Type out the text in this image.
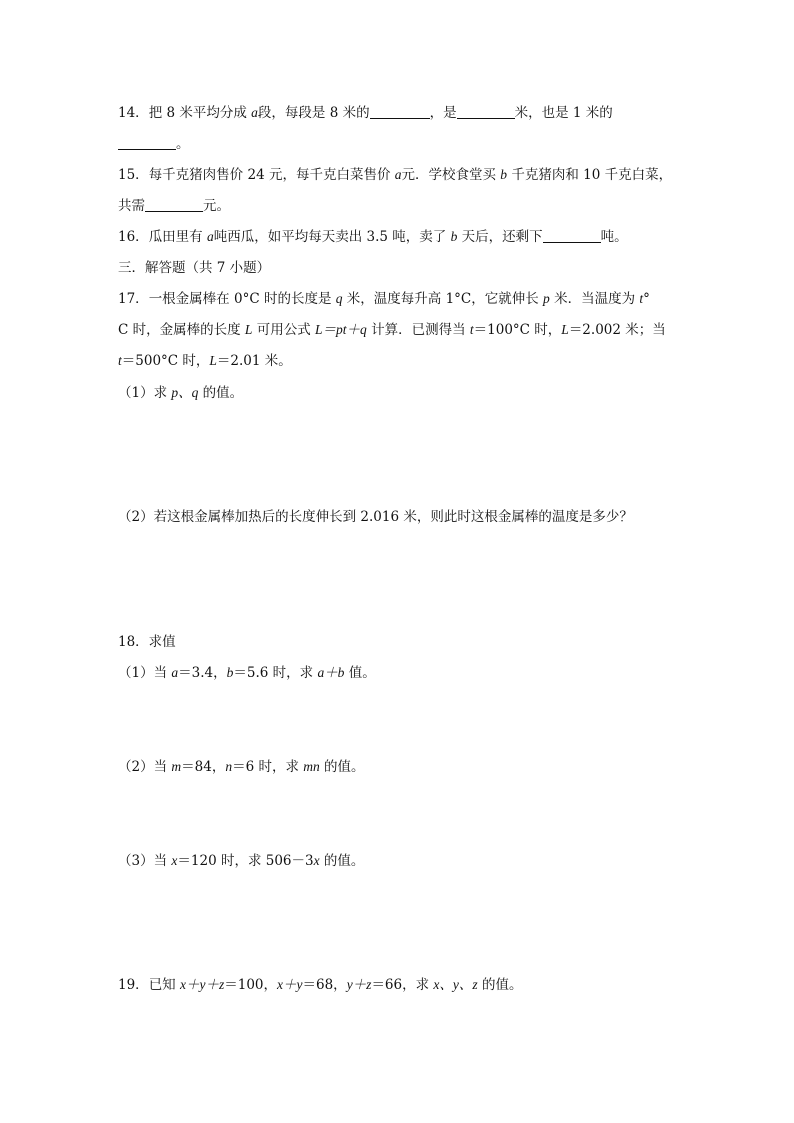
14．把 8 米平均分成 a段，每段是 8 米的	，是	米，也是 1 米的
。
15．每千克猪肉售价 24 元，每千克白菜售价 a元．学校食堂买 b 千克猪肉和 10 千克白菜，
共需	元。
16．瓜田里有 a吨西瓜，如平均每天卖出 3.5 吨，卖了 b 天后，还剩下	吨。
三．解答题（共 7 小题）
17．一根金属棒在 0°C 时的长度是 q 米，温度每升高 1°C，它就伸长 p 米．当温度为 t°
C 时，金属棒的长度 L 可用公式 L＝pt＋q 计算．已测得当 t＝100°C 时，L＝2.002 米；当
t＝500°C 时，L＝2.01 米。
（1）求 p、q 的值。
（2）若这根金属棒加热后的长度伸长到 2.016 米，则此时这根金属棒的温度是多少？
18．求值
（1）当 a＝3.4，b＝5.6 时，求 a＋b 值。
（2）当 m＝84，n＝6 时，求 mn 的值。
（3）当 x＝120 时，求 506－3x 的值。
19．已知 x＋y＋z＝100，x＋y＝68，y＋z＝66，求 x、y、z 的值。
